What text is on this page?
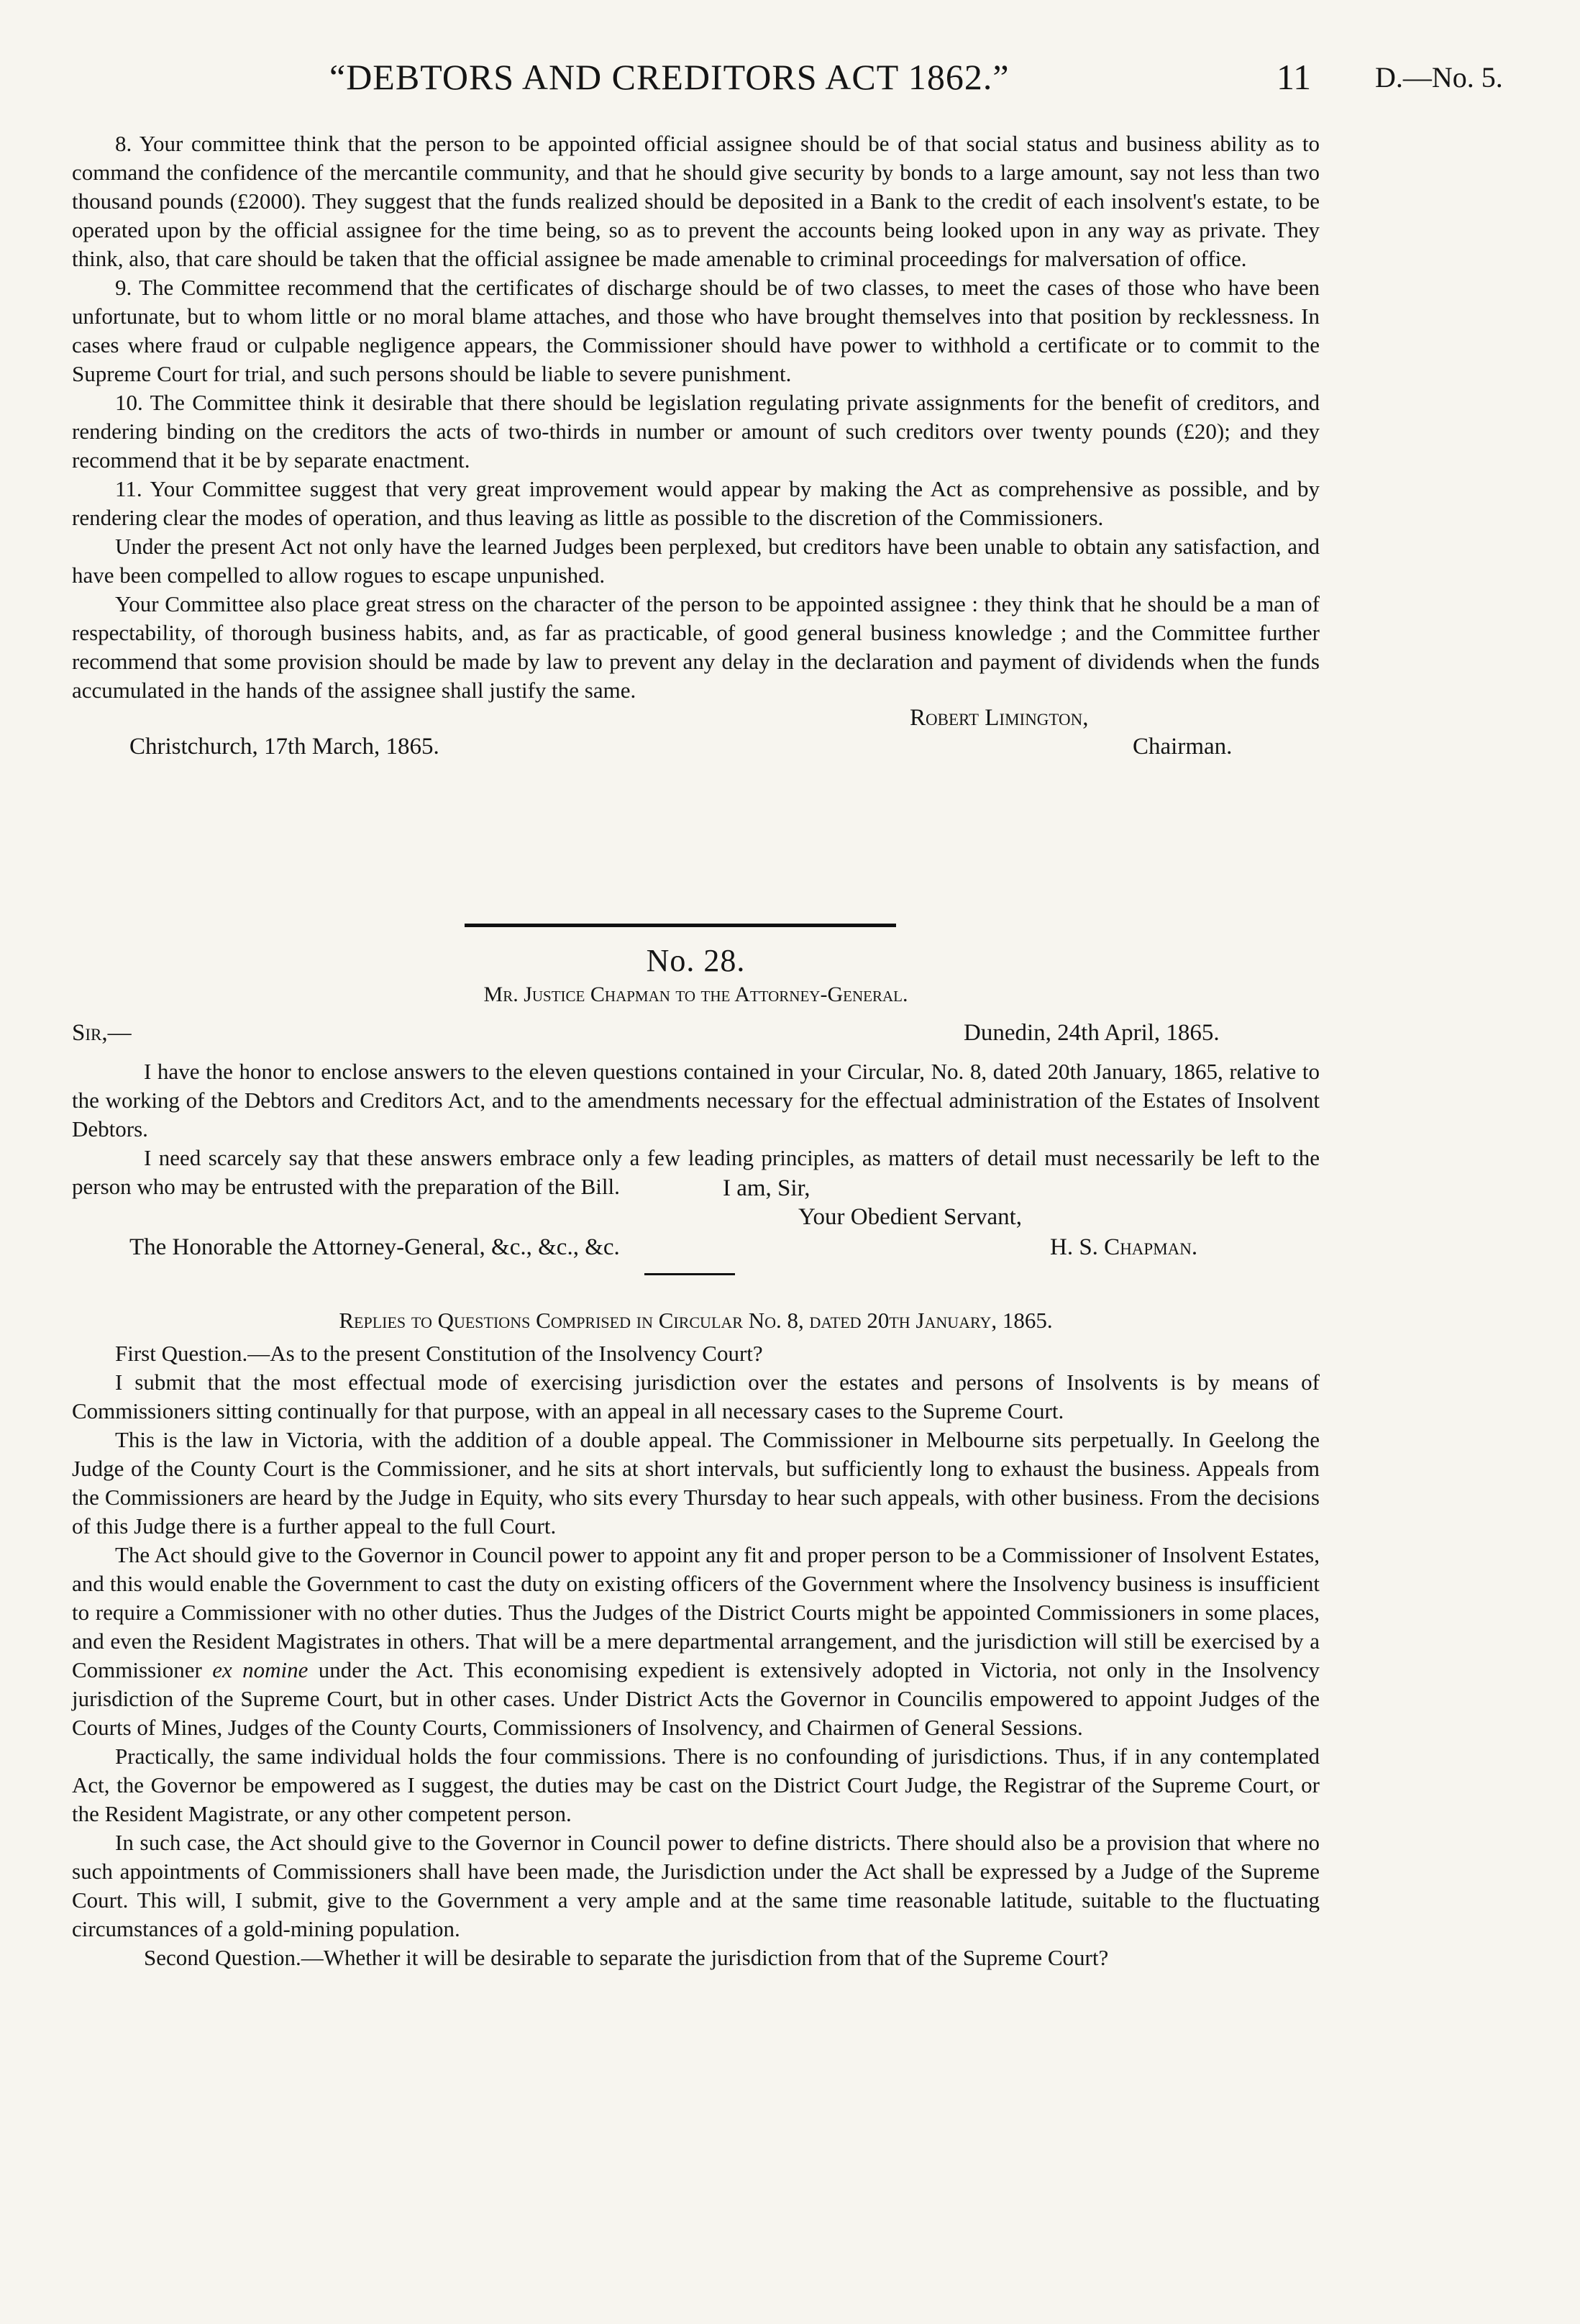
“DEBTORS AND CREDITORS ACT 1862.”	11 D.—No. 5.

8. Your committee think that the person to be appointed official assignee should be of that social status and business ability as to command the confidence of the mercantile community, and that he should give security by bonds to a large amount, say not less than two thousand pounds (£2000). They suggest that the funds realized should be deposited in a Bank to the credit of each insolvent's estate, to be operated upon by the official assignee for the time being, so as to prevent the accounts being looked upon in any way as private. They think, also, that care should be taken that the official assignee be made amenable to criminal proceedings for malversation of office.

9. The Committee recommend that the certificates of discharge should be of two classes, to meet the cases of those who have been unfortunate, but to whom little or no moral blame attaches, and those who have brought themselves into that position by recklessness. In cases where fraud or culpable negligence appears, the Commissioner should have power to withhold a certificate or to commit to the Supreme Court for trial, and such persons should be liable to severe punishment.

10. The Committee think it desirable that there should be legislation regulating private assignments for the benefit of creditors, and rendering binding on the creditors the acts of two-thirds in number or amount of such creditors over twenty pounds (£20); and they recommend that it be by separate enactment.

11. Your Committee suggest that very great improvement would appear by making the Act as comprehensive as possible, and by rendering clear the modes of operation, and thus leaving as little as possible to the discretion of the Commissioners.

Under the present Act not only have the learned Judges been perplexed, but creditors have been unable to obtain any satisfaction, and have been compelled to allow rogues to escape unpunished.

Your Committee also place great stress on the character of the person to be appointed assignee : they think that he should be a man of respectability, of thorough business habits, and, as far as practicable, of good general business knowledge ; and the Committee further recommend that some provision should be made by law to prevent any delay in the declaration and payment of dividends when the funds accumulated in the hands of the assignee shall justify the same.

Robert Limington,
Christchurch, 17th March, 1865.	Chairman.
No. 28.
Mr. Justice Chapman to the Attorney-General.
Sir,—	Dunedin, 24th April, 1865.

I have the honor to enclose answers to the eleven questions contained in your Circular, No. 8, dated 20th January, 1865, relative to the working of the Debtors and Creditors Act, and to the amendments necessary for the effectual administration of the Estates of Insolvent Debtors.

I need scarcely say that these answers embrace only a few leading principles, as matters of detail must necessarily be left to the person who may be entrusted with the preparation of the Bill.	I am, Sir,
Your Obedient Servant,
The Honorable the Attorney-General, &c., &c., &c.	H. S. Chapman.
Replies to Questions Comprised in Circular No. 8, dated 20th January, 1865.

First Question.—As to the present Constitution of the Insolvency Court?

I submit that the most effectual mode of exercising jurisdiction over the estates and persons of Insolvents is by means of Commissioners sitting continually for that purpose, with an appeal in all necessary cases to the Supreme Court.

This is the law in Victoria, with the addition of a double appeal. The Commissioner in Melbourne sits perpetually. In Geelong the Judge of the County Court is the Commissioner, and he sits at short intervals, but sufficiently long to exhaust the business. Appeals from the Commissioners are heard by the Judge in Equity, who sits every Thursday to hear such appeals, with other business. From the decisions of this Judge there is a further appeal to the full Court.

The Act should give to the Governor in Council power to appoint any fit and proper person to be a Commissioner of Insolvent Estates, and this would enable the Government to cast the duty on existing officers of the Government where the Insolvency business is insufficient to require a Commissioner with no other duties. Thus the Judges of the District Courts might be appointed Commissioners in some places, and even the Resident Magistrates in others. That will be a mere departmental arrangement, and the jurisdiction will still be exercised by a Commissioner ex nomine under the Act. This economising expedient is extensively adopted in Victoria, not only in the Insolvency jurisdiction of the Supreme Court, but in other cases. Under District Acts the Governor in Councilis empowered to appoint Judges of the Courts of Mines, Judges of the County Courts, Commissioners of Insolvency, and Chairmen of General Sessions.

Practically, the same individual holds the four commissions. There is no confounding of jurisdictions. Thus, if in any contemplated Act, the Governor be empowered as I suggest, the duties may be cast on the District Court Judge, the Registrar of the Supreme Court, or the Resident Magistrate, or any other competent person.

In such case, the Act should give to the Governor in Council power to define districts. There should also be a provision that where no such appointments of Commissioners shall have been made, the Jurisdiction under the Act shall be expressed by a Judge of the Supreme Court. This will, I submit, give to the Government a very ample and at the same time reasonable latitude, suitable to the fluctuating circumstances of a gold-mining population.

Second Question.—Whether it will be desirable to separate the jurisdiction from that of the Supreme Court?
